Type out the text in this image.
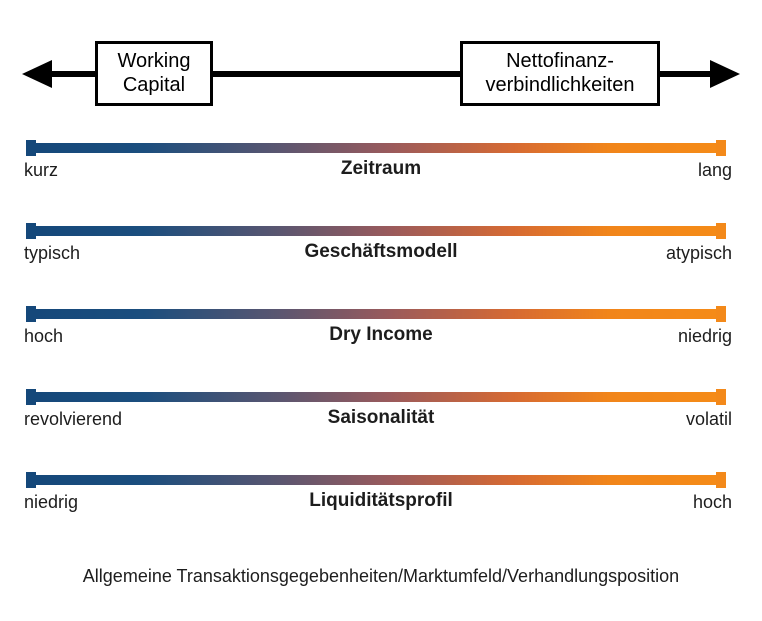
Working
Capital
Nettofinanz-
verbindlichkeiten
Zeitraum
kurz	lang
Geschäftsmodell
typisch	atypisch
Dry Income
hoch	niedrig
Saisonalität
revolvierend	volatil
Liquiditätsprofil
niedrig	hoch
Allgemeine Transaktionsgegebenheiten/Marktumfeld/Verhandlungsposition
